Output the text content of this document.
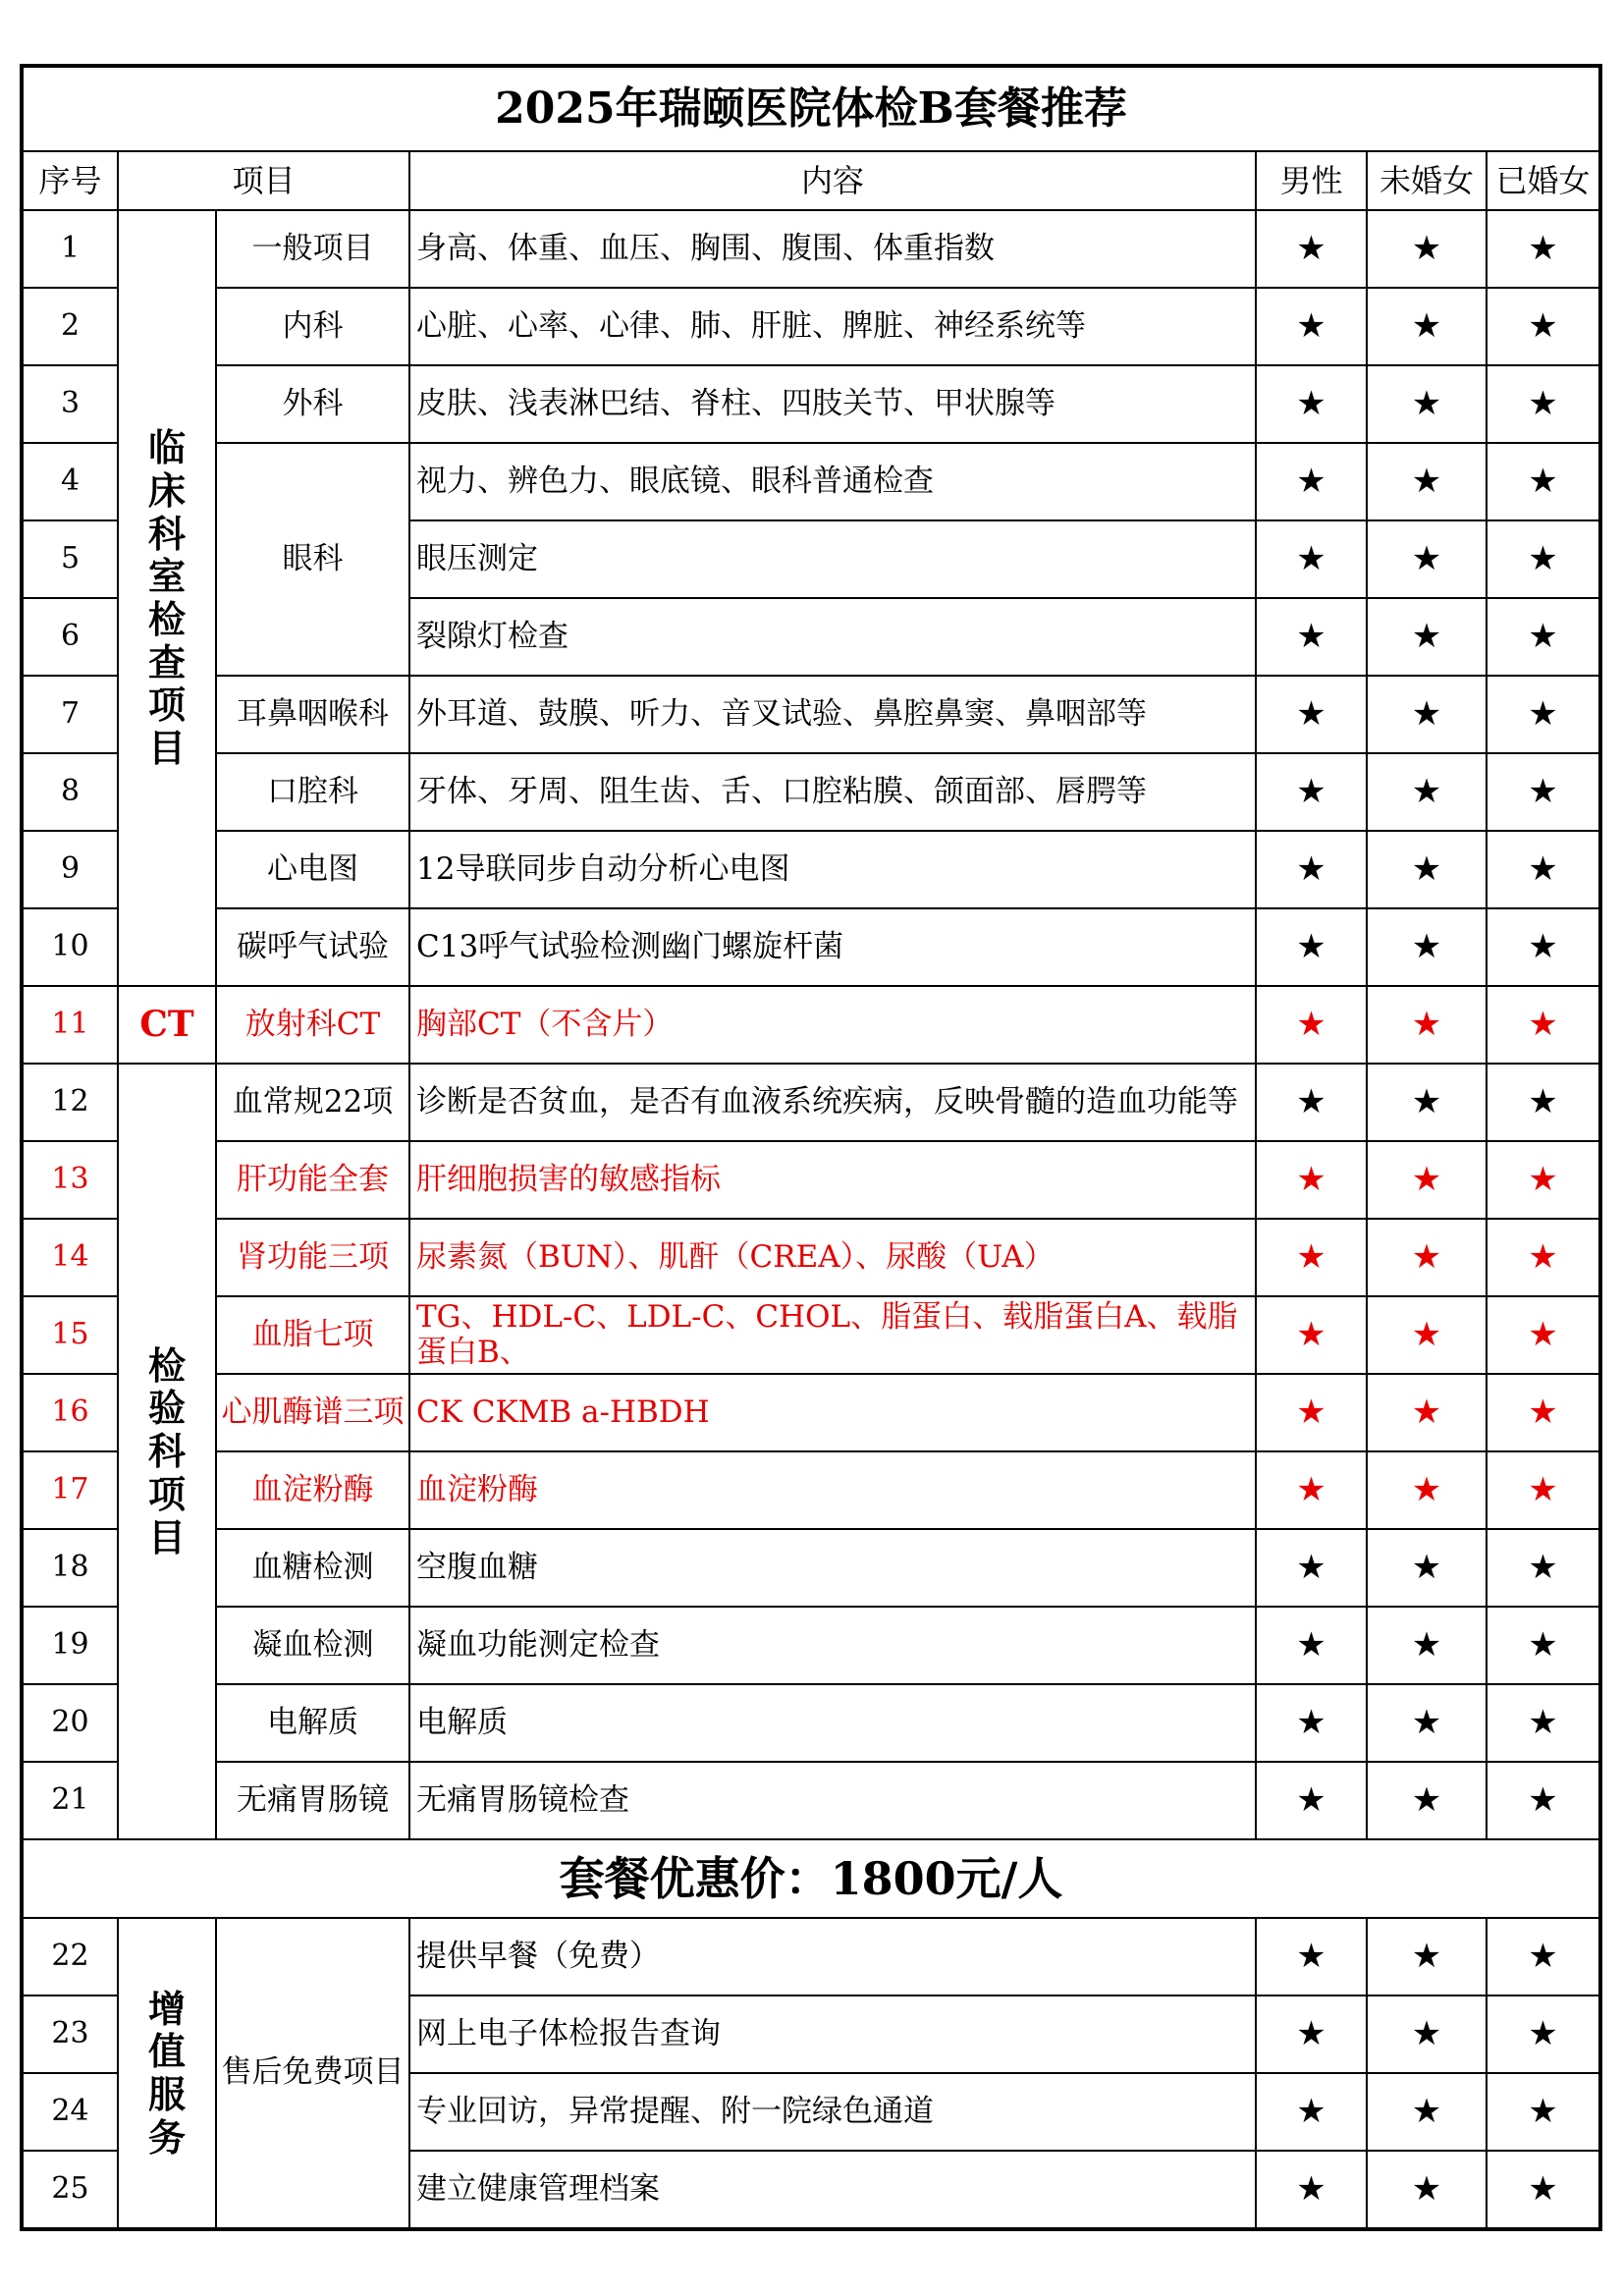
2025年瑞颐医院体检B套餐推荐						
序号	项目		内容	男性	未婚女	已婚女
1	临床科室检查项目	一般项目	身高、体重、血压、胸围、腹围、体重指数	★	★	★
2		内科	心脏、心率、心律、肺、肝脏、脾脏、神经系统等	★	★	★
3		外科	皮肤、浅表淋巴结、脊柱、四肢关节、甲状腺等	★	★	★
4		眼科	视力、辨色力、眼底镜、眼科普通检查	★	★	★
5			眼压测定	★	★	★
6			裂隙灯检查	★	★	★
7		耳鼻咽喉科	外耳道、鼓膜、听力、音叉试验、鼻腔鼻窦、鼻咽部等	★	★	★
8		口腔科	牙体、牙周、阻生齿、舌、口腔粘膜、颌面部、唇腭等	★	★	★
9		心电图	12导联同步自动分析心电图	★	★	★
10		碳呼气试验	C13呼气试验检测幽门螺旋杆菌	★	★	★
11	CT	放射科CT	胸部CT（不含片）	★	★	★
12	检验科项目	血常规22项	诊断是否贫血，是否有血液系统疾病，反映骨髓的造血功能等	★	★	★
13		肝功能全套	肝细胞损害的敏感指标	★	★	★
14		肾功能三项	尿素氮（BUN）、肌酐（CREA）、尿酸（UA）	★	★	★
15		血脂七项	TG、HDL-C、LDL-C、CHOL、脂蛋白、载脂蛋白A、载脂蛋白B、	★	★	★
16		心肌酶谱三项	CK CKMB a-HBDH	★	★	★
17		血淀粉酶	血淀粉酶	★	★	★
18		血糖检测	空腹血糖	★	★	★
19		凝血检测	凝血功能测定检查	★	★	★
20		电解质	电解质	★	★	★
21		无痛胃肠镜	无痛胃肠镜检查	★	★	★
套餐优惠价：1800元/人						
22	增值服务	售后免费项目	提供早餐（免费）	★	★	★
23			网上电子体检报告查询	★	★	★
24			专业回访，异常提醒、附一院绿色通道	★	★	★
25			建立健康管理档案	★	★	★
